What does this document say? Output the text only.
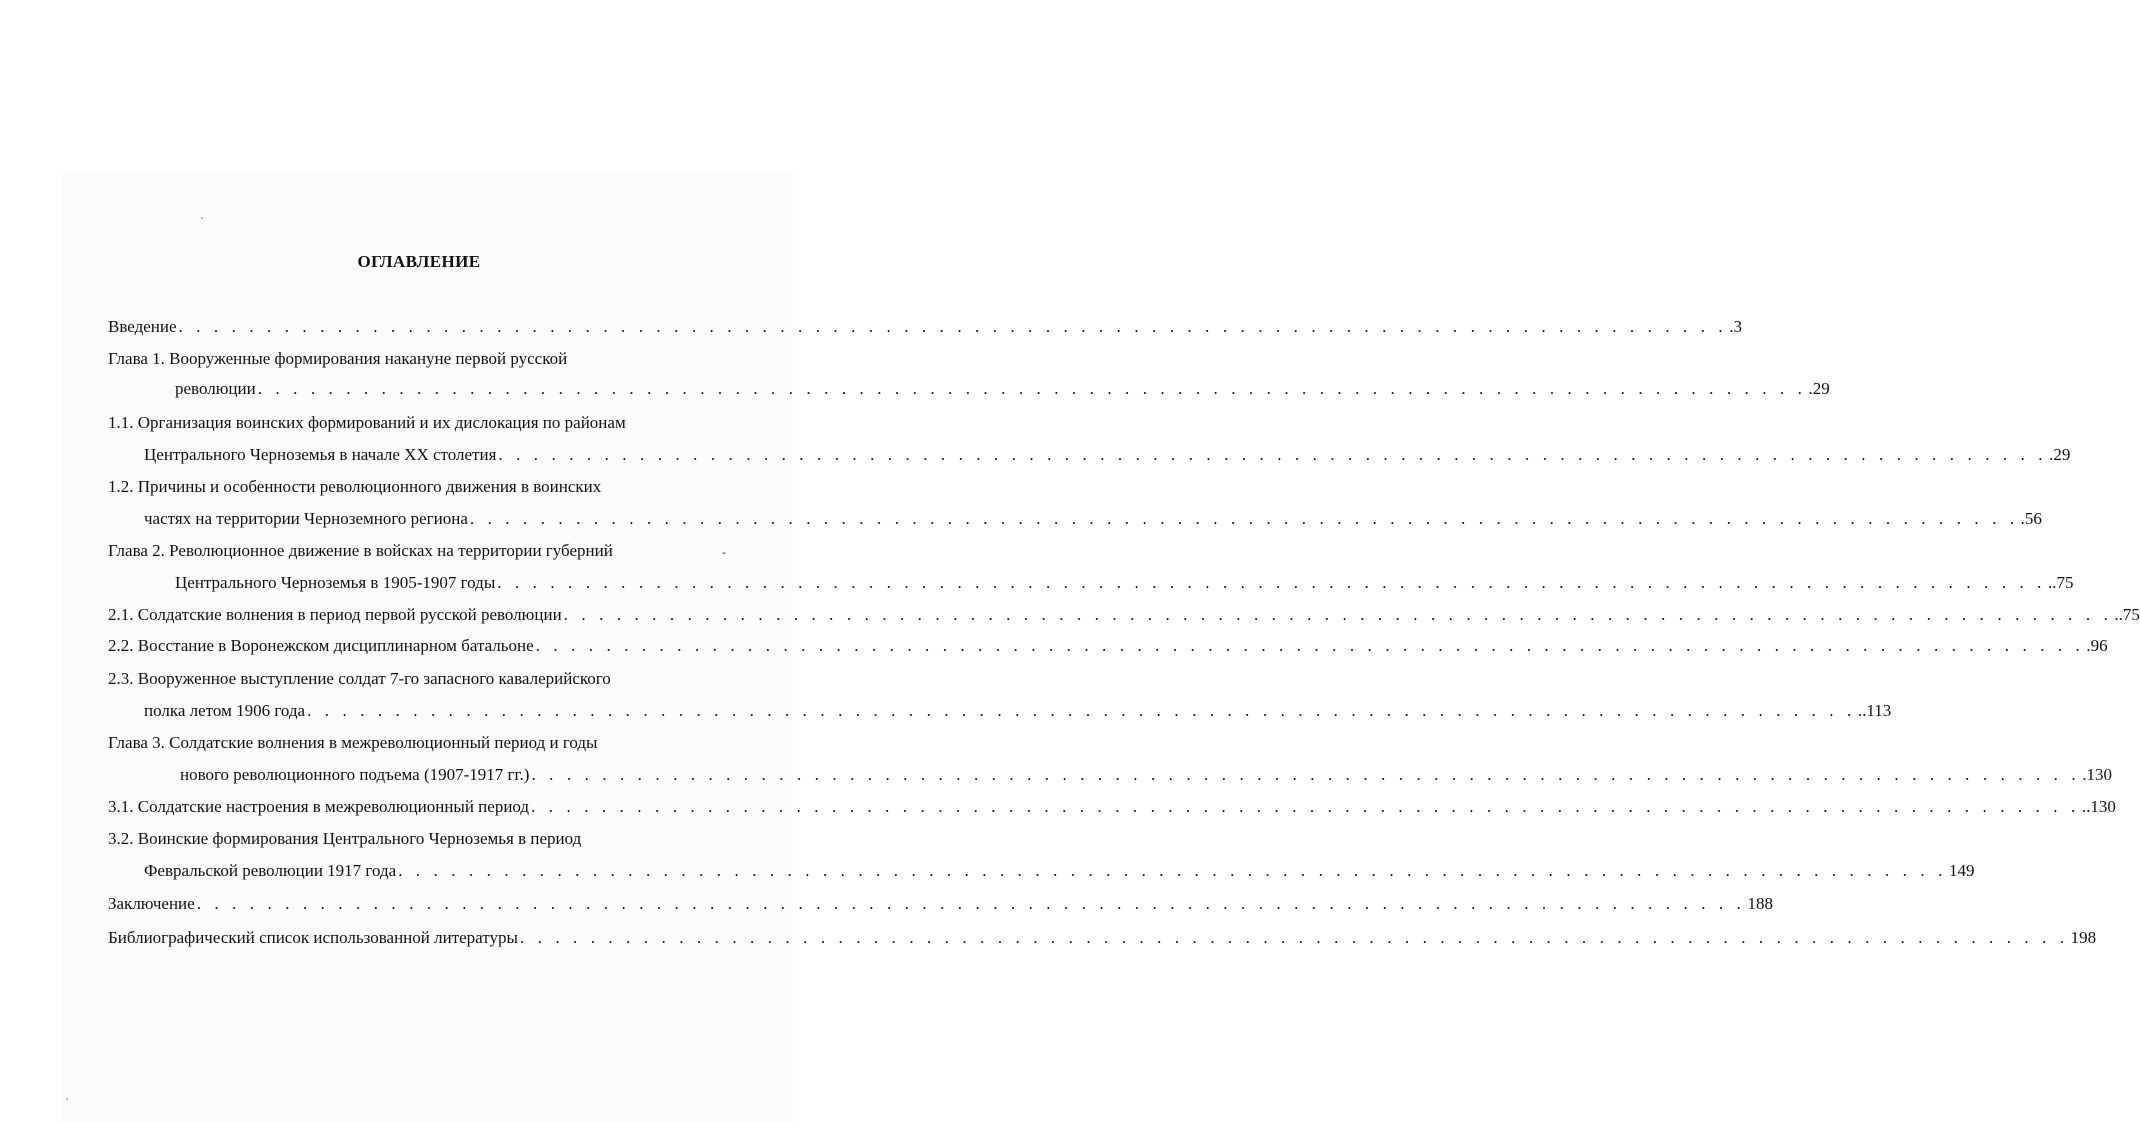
ОГЛАВЛЕНИЕ
-
Введение . . . . . . . . . . . . . . . . . . . . . . . . . . . . . . . . . . . . . . . . . . . . . . . . . . . . . . . . . . . . . . . . . . . . . . . . . . . . . . . . . . . . . . . . .3
Глава 1. Вооруженные формирования накануне первой русской
революции . . . . . . . . . . . . . . . . . . . . . . . . . . . . . . . . . . . . . . . . . . . . . . . . . . . . . . . . . . . . . . . . . . . . . . . . . . . . . . . . . . . . . . . . .29
1.1. Организация воинских формирований и их дислокация по районам
Центрального Черноземья в начале XX столетия . . . . . . . . . . . . . . . . . . . . . . . . . . . . . . . . . . . . . . . . . . . . . . . . . . . . . . . . . . . . . . . . . . . . . . . . . . . . . . . . . . . . . . . . .29
1.2. Причины и особенности революционного движения в воинских
частях на территории Черноземного региона . . . . . . . . . . . . . . . . . . . . . . . . . . . . . . . . . . . . . . . . . . . . . . . . . . . . . . . . . . . . . . . . . . . . . . . . . . . . . . . . . . . . . . . . .56
Глава 2. Революционное движение в войсках на территории губерний
Центрального Черноземья в 1905-1907 годы . . . . . . . . . . . . . . . . . . . . . . . . . . . . . . . . . . . . . . . . . . . . . . . . . . . . . . . . . . . . . . . . . . . . . . . . . . . . . . . . . . . . . . . . ..75
2.1. Солдатские волнения в период первой русской революции . . . . . . . . . . . . . . . . . . . . . . . . . . . . . . . . . . . . . . . . . . . . . . . . . . . . . . . . . . . . . . . . . . . . . . . . . . . . . . . . . . . . . . . . ..75
2.2. Восстание в Воронежском дисциплинарном батальоне . . . . . . . . . . . . . . . . . . . . . . . . . . . . . . . . . . . . . . . . . . . . . . . . . . . . . . . . . . . . . . . . . . . . . . . . . . . . . . . . . . . . . . . . .96
2.3. Вооруженное выступление солдат 7-го запасного кавалерийского
полка летом 1906 года . . . . . . . . . . . . . . . . . . . . . . . . . . . . . . . . . . . . . . . . . . . . . . . . . . . . . . . . . . . . . . . . . . . . . . . . . . . . . . . . . . . . . . . . ..113
Глава 3. Солдатские волнения в межреволюционный период и годы
нового революционного подъема (1907-1917 гг.) . . . . . . . . . . . . . . . . . . . . . . . . . . . . . . . . . . . . . . . . . . . . . . . . . . . . . . . . . . . . . . . . . . . . . . . . . . . . . . . . . . . . . . . . .130
3.1. Солдатские настроения в межреволюционный период . . . . . . . . . . . . . . . . . . . . . . . . . . . . . . . . . . . . . . . . . . . . . . . . . . . . . . . . . . . . . . . . . . . . . . . . . . . . . . . . . . . . . . . . ..130
3.2. Воинские формирования Центрального Черноземья в период
Февральской революции 1917 года . . . . . . . . . . . . . . . . . . . . . . . . . . . . . . . . . . . . . . . . . . . . . . . . . . . . . . . . . . . . . . . . . . . . . . . . . . . . . . . . . . . . . . . . 149
Заключение . . . . . . . . . . . . . . . . . . . . . . . . . . . . . . . . . . . . . . . . . . . . . . . . . . . . . . . . . . . . . . . . . . . . . . . . . . . . . . . . . . . . . . . . 188
Библиографический список использованной литературы . . . . . . . . . . . . . . . . . . . . . . . . . . . . . . . . . . . . . . . . . . . . . . . . . . . . . . . . . . . . . . . . . . . . . . . . . . . . . . . . . . . . . . . . 198
